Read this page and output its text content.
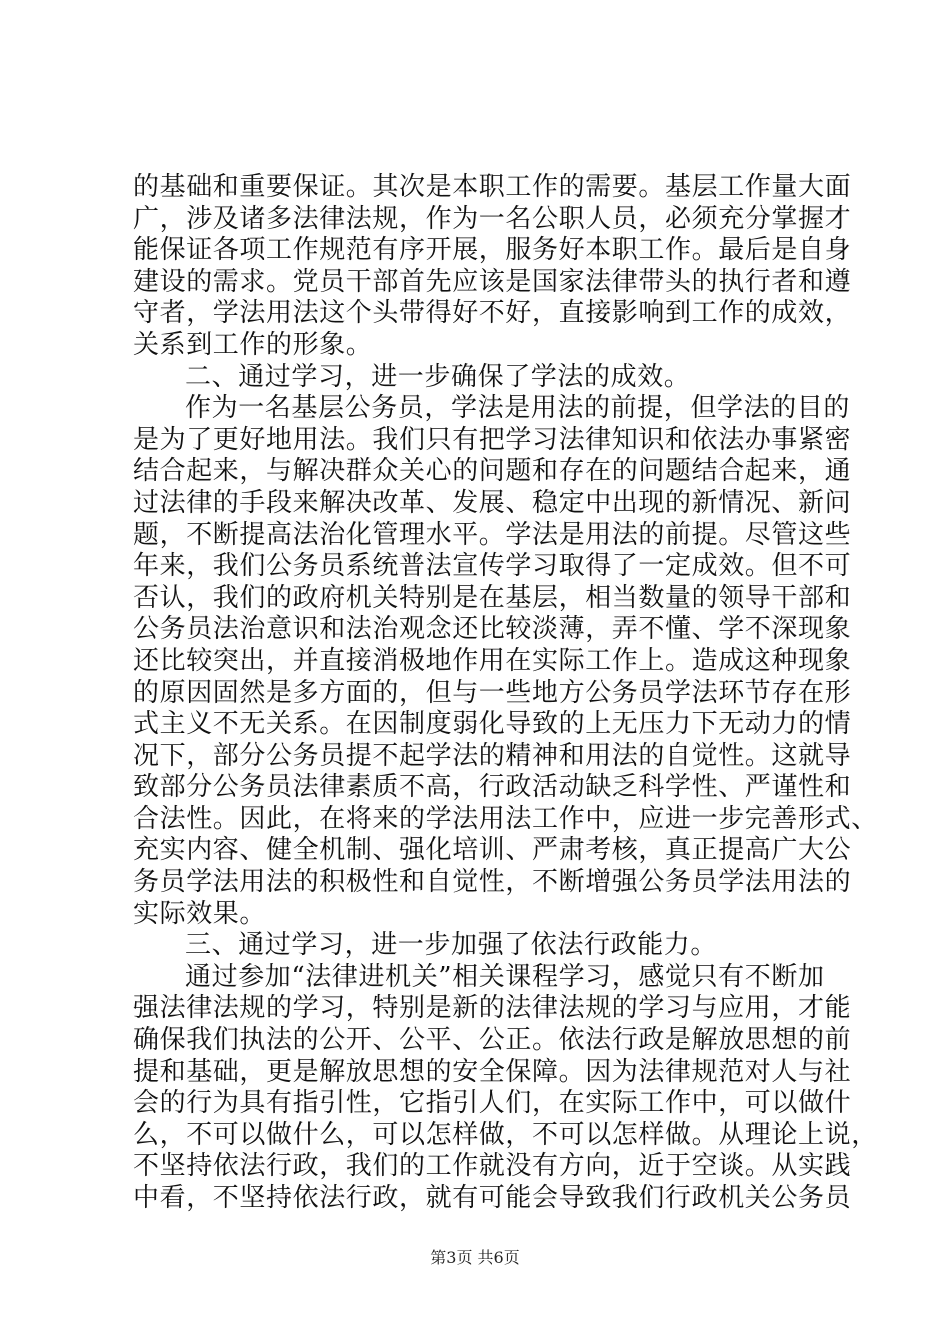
的基础和重要保证。其次是本职工作的需要。基层工作量大面
广，涉及诸多法律法规，作为一名公职人员，必须充分掌握才
能保证各项工作规范有序开展，服务好本职工作。最后是自身
建设的需求。党员干部首先应该是国家法律带头的执行者和遵
守者，学法用法这个头带得好不好，直接影响到工作的成效，
关系到工作的形象。
二、通过学习，进一步确保了学法的成效。
作为一名基层公务员，学法是用法的前提，但学法的目的
是为了更好地用法。我们只有把学习法律知识和依法办事紧密
结合起来，与解决群众关心的问题和存在的问题结合起来，通
过法律的手段来解决改革、发展、稳定中出现的新情况、新问
题，不断提高法治化管理水平。学法是用法的前提。尽管这些
年来，我们公务员系统普法宣传学习取得了一定成效。但不可
否认，我们的政府机关特别是在基层，相当数量的领导干部和
公务员法治意识和法治观念还比较淡薄，弄不懂、学不深现象
还比较突出，并直接消极地作用在实际工作上。造成这种现象
的原因固然是多方面的，但与一些地方公务员学法环节存在形
式主义不无关系。在因制度弱化导致的上无压力下无动力的情
况下，部分公务员提不起学法的精神和用法的自觉性。这就导
致部分公务员法律素质不高，行政活动缺乏科学性、严谨性和
合法性。因此，在将来的学法用法工作中，应进一步完善形式、
充实内容、健全机制、强化培训、严肃考核，真正提高广大公
务员学法用法的积极性和自觉性，不断增强公务员学法用法的
实际效果。
三、通过学习，进一步加强了依法行政能力。
通过参加“法律进机关”相关课程学习，感觉只有不断加
强法律法规的学习，特别是新的法律法规的学习与应用，才能
确保我们执法的公开、公平、公正。依法行政是解放思想的前
提和基础，更是解放思想的安全保障。因为法律规范对人与社
会的行为具有指引性，它指引人们，在实际工作中，可以做什
么，不可以做什么，可以怎样做，不可以怎样做。从理论上说，
不坚持依法行政，我们的工作就没有方向，近于空谈。从实践
中看，不坚持依法行政，就有可能会导致我们行政机关公务员
第3页 共6页
